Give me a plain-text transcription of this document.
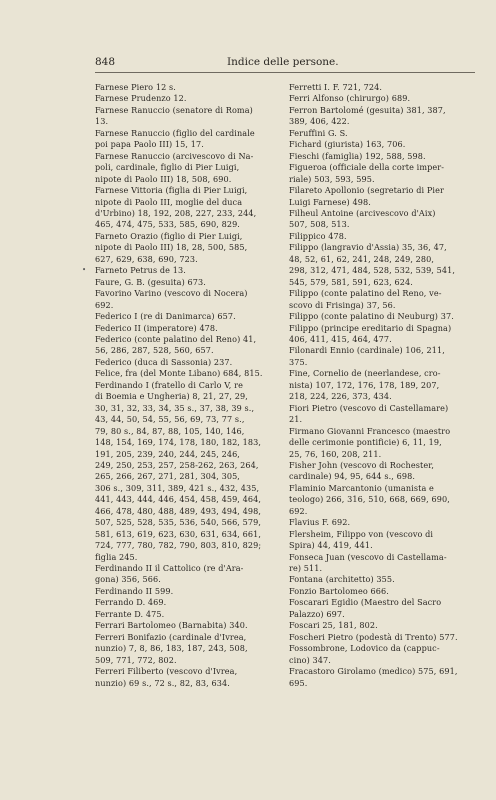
848	Indice delle persone.
•
Farnese Piero 12 s.
Farnese Prudenzo 12.
Farnese Ranuccio (senatore di Roma)
13.
Farnese Ranuccio (figlio del cardinale
poi papa Paolo III) 15, 17.
Farnese Ranuccio (arcivescovo di Na-
poli, cardinale, figlio di Pier Luigi,
nipote di Paolo III) 18, 508, 690.
Farnese Vittoria (figlia di Pier Luigi,
nipote di Paolo III, moglie del duca
d'Urbino) 18, 192, 208, 227, 233, 244,
465, 474, 475, 533, 585, 690, 829.
Farneto Orazio (figlio di Pier Luigi,
nipote di Paolo III) 18, 28, 500, 585,
627, 629, 638, 690, 723.
Farneto Petrus de 13.
Faure, G. B. (gesuita) 673.
Favorino Varino (vescovo di Nocera)
692.
Federico I (re di Danimarca) 657.
Federico II (imperatore) 478.
Federico (conte palatino del Reno) 41,
56, 286, 287, 528, 560, 657.
Federico (duca di Sassonia) 237.
Felice, fra (del Monte Libano) 684, 815.
Ferdinando I (fratello di Carlo V, re
di Boemia e Ungheria) 8, 21, 27, 29,
30, 31, 32, 33, 34, 35 s., 37, 38, 39 s.,
43, 44, 50, 54, 55, 56, 69, 73, 77 s.,
79, 80 s., 84, 87, 88, 105, 140, 146,
148, 154, 169, 174, 178, 180, 182, 183,
191, 205, 239, 240, 244, 245, 246,
249, 250, 253, 257, 258-262, 263, 264,
265, 266, 267, 271, 281, 304, 305,
306 s., 309, 311, 389, 421 s., 432, 435,
441, 443, 444, 446, 454, 458, 459, 464,
466, 478, 480, 488, 489, 493, 494, 498,
507, 525, 528, 535, 536, 540, 566, 579,
581, 613, 619, 623, 630, 631, 634, 661,
724, 777, 780, 782, 790, 803, 810, 829;
figlia 245.
Ferdinando II il Cattolico (re d'Ara-
gona) 356, 566.
Ferdinando II 599.
Ferrando D. 469.
Ferrante D. 475.
Ferrari Bartolomeo (Barnabita) 340.
Ferreri Bonifazio (cardinale d'Ivrea,
nunzio) 7, 8, 86, 183, 187, 243, 508,
509, 771, 772, 802.
Ferreri Filiberto (vescovo d'Ivrea,
nunzio) 69 s., 72 s., 82, 83, 634.
Ferretti I. F. 721, 724.
Ferri Alfonso (chirurgo) 689.
Ferron Bartolomé (gesuita) 381, 387,
389, 406, 422.
Feruffini G. S.
Fichard (giurista) 163, 706.
Fieschi (famiglia) 192, 588, 598.
Figueroa (officiale della corte imper-
riale) 503, 593, 595.
Filareto Apollonio (segretario di Pier
Luigi Farnese) 498.
Filheul Antoine (arcivescovo d'Aix)
507, 508, 513.
Filippico 478.
Filippo (langravio d'Assia) 35, 36, 47,
48, 52, 61, 62, 241, 248, 249, 280,
298, 312, 471, 484, 528, 532, 539, 541,
545, 579, 581, 591, 623, 624.
Filippo (conte palatino del Reno, ve-
scovo di Frisinga) 37, 56.
Filippo (conte palatino di Neuburg) 37.
Filippo (principe ereditario di Spagna)
406, 411, 415, 464, 477.
Filonardi Ennio (cardinale) 106, 211,
375.
Fine, Cornelio de (neerlandese, cro-
nista) 107, 172, 176, 178, 189, 207,
218, 224, 226, 373, 434.
Fiori Pietro (vescovo di Castellamare)
21.
Firmano Giovanni Francesco (maestro
delle cerimonie pontificie) 6, 11, 19,
25, 76, 160, 208, 211.
Fisher John (vescovo di Rochester,
cardinale) 94, 95, 644 s., 698.
Flaminio Marcantonio (umanista e
teologo) 266, 316, 510, 668, 669, 690,
692.
Flavius F. 692.
Flersheim, Filippo von (vescovo di
Spira) 44, 419, 441.
Fonseca Juan (vescovo di Castellama-
re) 511.
Fontana (architetto) 355.
Fonzio Bartolomeo 666.
Foscarari Egidio (Maestro del Sacro
Palazzo) 697.
Foscari 25, 181, 802.
Foscheri Pietro (podestà di Trento) 577.
Fossombrone, Lodovico da (cappuc-
cino) 347.
Fracastoro Girolamo (medico) 575, 691,
695.
